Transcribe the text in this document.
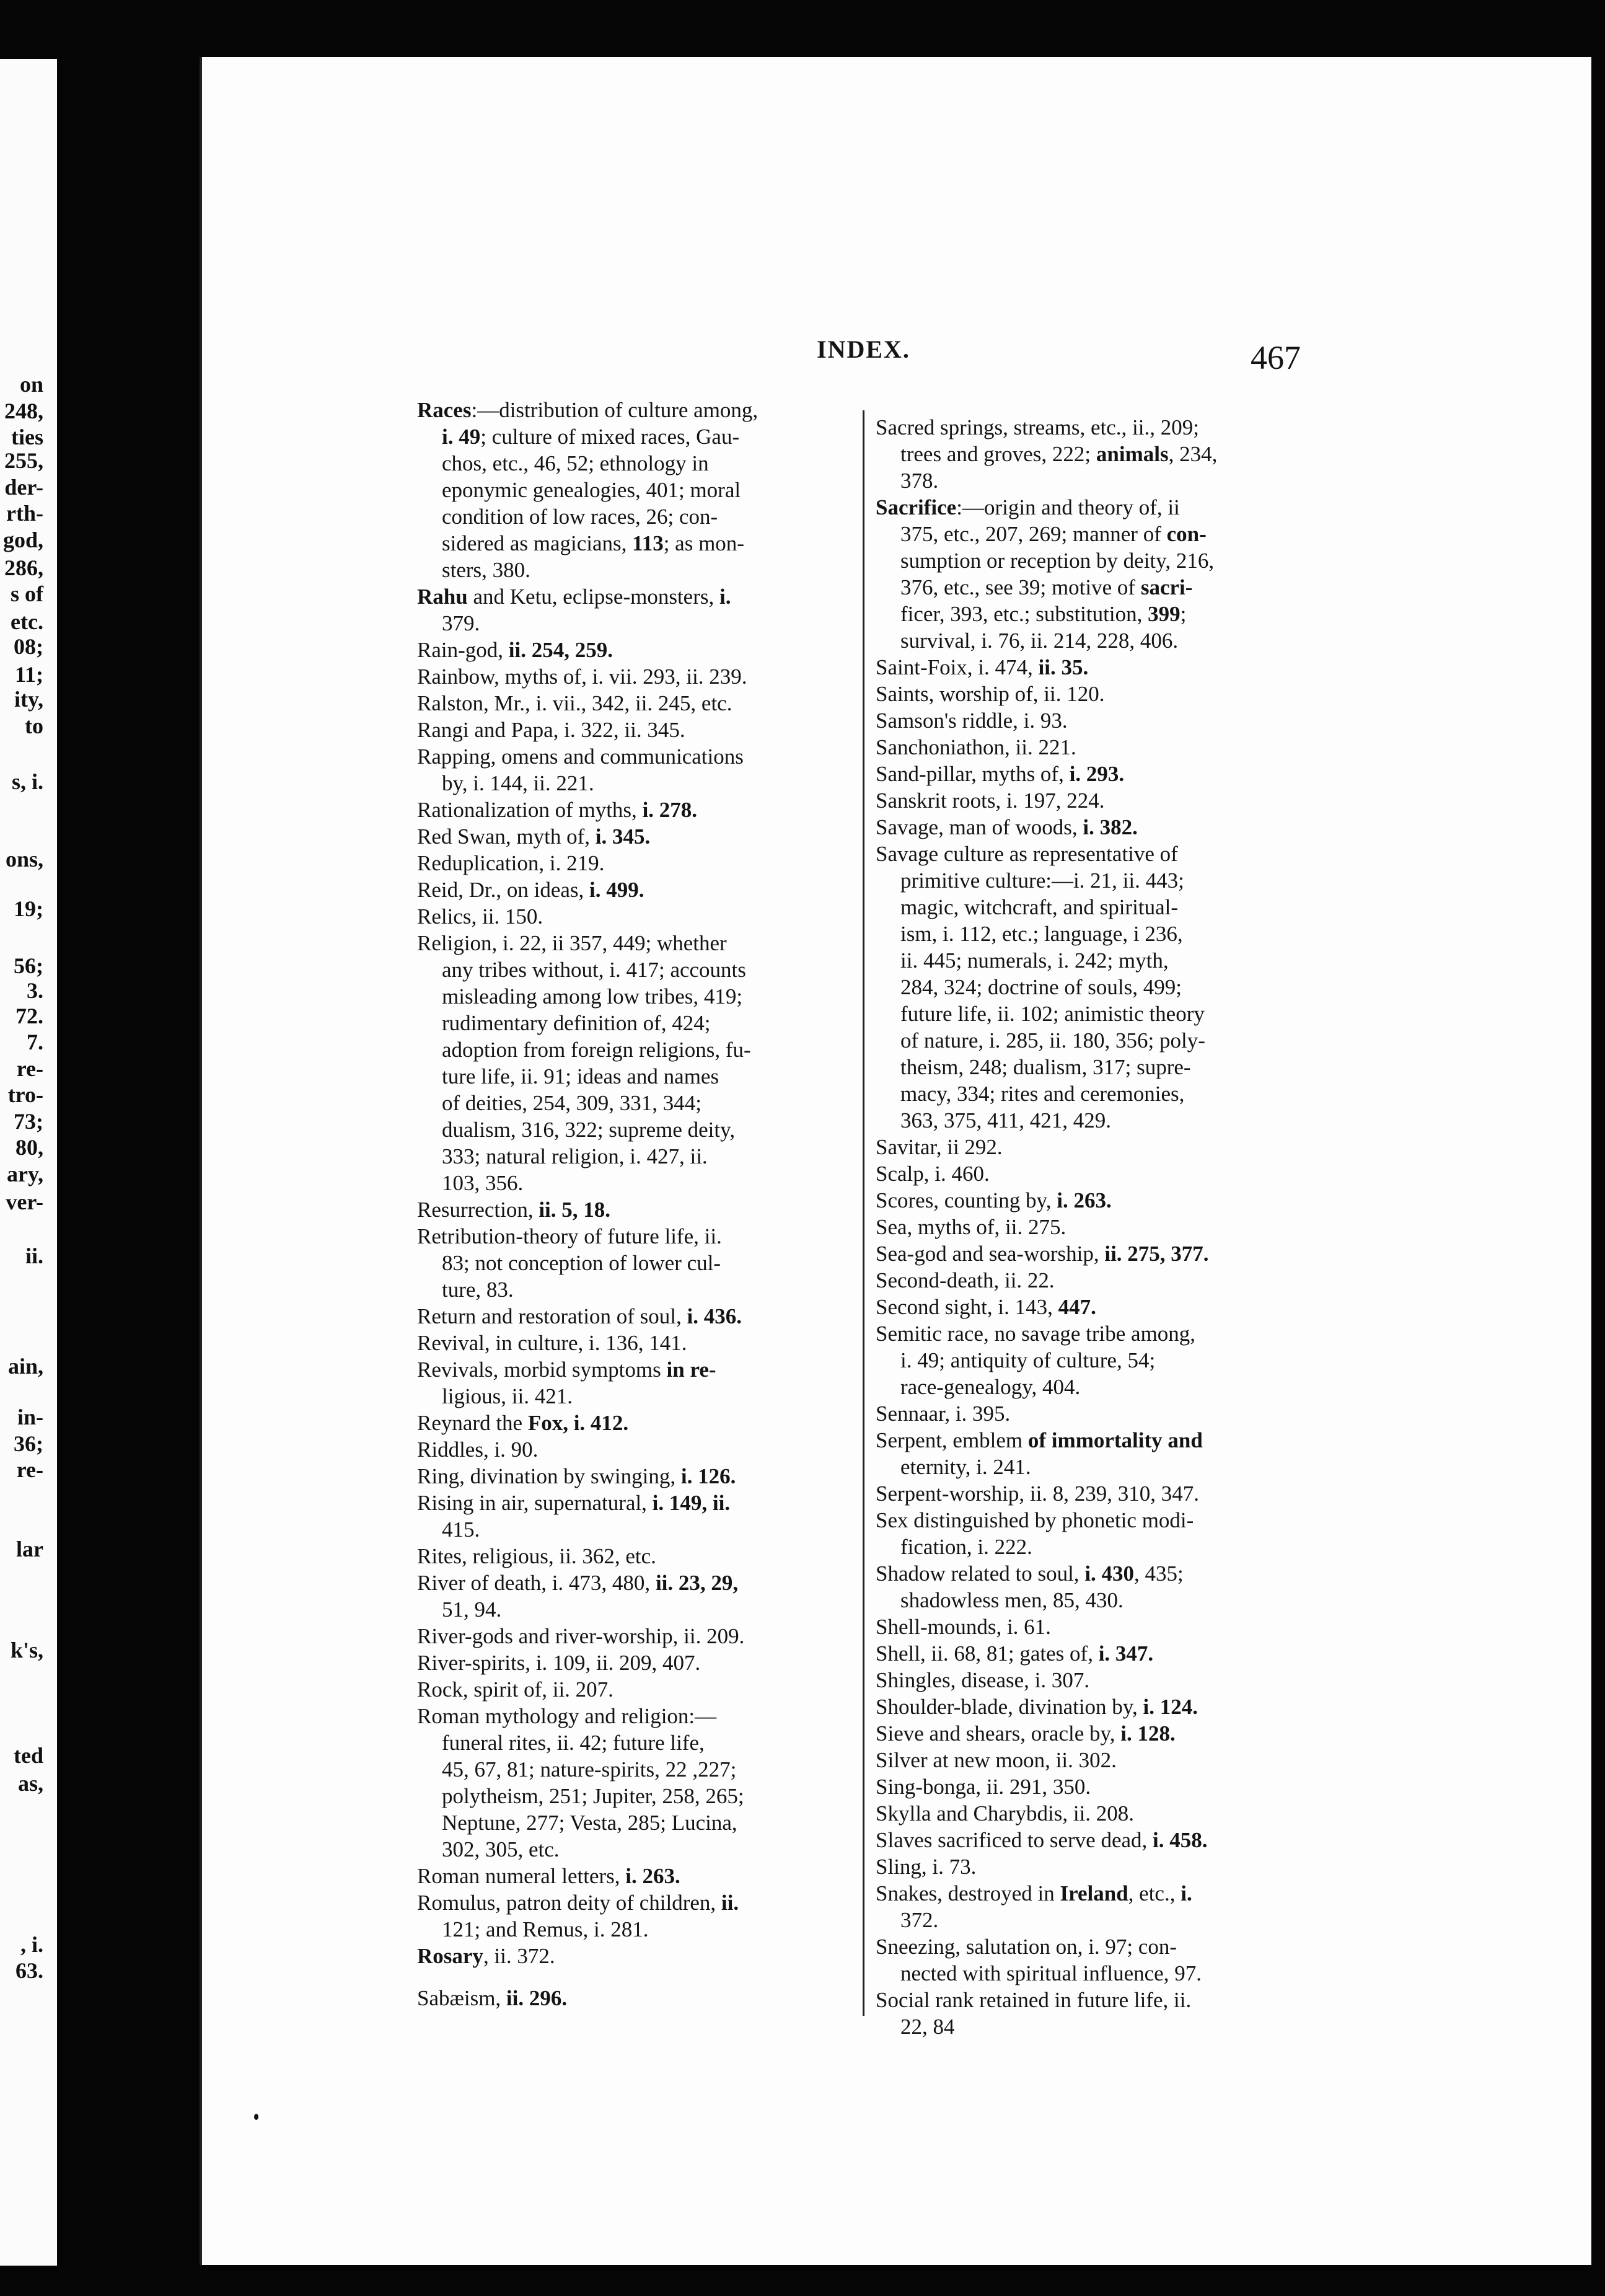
on
248,
ties
255,
der-
rth-
god,
286,
s of
etc.
08;
11;
ity,
to
s, i.
ons,
19;
56;
3.
72.
7.
re-
tro-
73;
80,
ary,
ver-
ii.
ain,
in-
36;
re-
lar
k's,
ted
as,
, i.
63.
INDEX.	467
Races:—distribution of culture among,
i. 49; culture of mixed races, Gau-
chos, etc., 46, 52; ethnology in
eponymic genealogies, 401; moral
condition of low races, 26; con-
sidered as magicians, 113; as mon-
sters, 380.
Rahu and Ketu, eclipse-monsters, i.
379.
Rain-god, ii. 254, 259.
Rainbow, myths of, i. vii. 293, ii. 239.
Ralston, Mr., i. vii., 342, ii. 245, etc.
Rangi and Papa, i. 322, ii. 345.
Rapping, omens and communications
by, i. 144, ii. 221.
Rationalization of myths, i. 278.
Red Swan, myth of, i. 345.
Reduplication, i. 219.
Reid, Dr., on ideas, i. 499.
Relics, ii. 150.
Religion, i. 22, ii 357, 449; whether
any tribes without, i. 417; accounts
misleading among low tribes, 419;
rudimentary definition of, 424;
adoption from foreign religions, fu-
ture life, ii. 91; ideas and names
of deities, 254, 309, 331, 344;
dualism, 316, 322; supreme deity,
333; natural religion, i. 427, ii.
103, 356.
Resurrection, ii. 5, 18.
Retribution-theory of future life, ii.
83; not conception of lower cul-
ture, 83.
Return and restoration of soul, i. 436.
Revival, in culture, i. 136, 141.
Revivals, morbid symptoms in re-
ligious, ii. 421.
Reynard the Fox, i. 412.
Riddles, i. 90.
Ring, divination by swinging, i. 126.
Rising in air, supernatural, i. 149, ii.
415.
Rites, religious, ii. 362, etc.
River of death, i. 473, 480, ii. 23, 29,
51, 94.
River-gods and river-worship, ii. 209.
River-spirits, i. 109, ii. 209, 407.
Rock, spirit of, ii. 207.
Roman mythology and religion:—
funeral rites, ii. 42; future life,
45, 67, 81; nature-spirits, 22 ,227;
polytheism, 251; Jupiter, 258, 265;
Neptune, 277; Vesta, 285; Lucina,
302, 305, etc.
Roman numeral letters, i. 263.
Romulus, patron deity of children, ii.
121; and Remus, i. 281.
Rosary, ii. 372.
Sabæism, ii. 296.
Sacred springs, streams, etc., ii., 209;
trees and groves, 222; animals, 234,
378.
Sacrifice:—origin and theory of, ii
375, etc., 207, 269; manner of con-
sumption or reception by deity, 216,
376, etc., see 39; motive of sacri-
ficer, 393, etc.; substitution, 399;
survival, i. 76, ii. 214, 228, 406.
Saint-Foix, i. 474, ii. 35.
Saints, worship of, ii. 120.
Samson's riddle, i. 93.
Sanchoniathon, ii. 221.
Sand-pillar, myths of, i. 293.
Sanskrit roots, i. 197, 224.
Savage, man of woods, i. 382.
Savage culture as representative of
primitive culture:—i. 21, ii. 443;
magic, witchcraft, and spiritual-
ism, i. 112, etc.; language, i 236,
ii. 445; numerals, i. 242; myth,
284, 324; doctrine of souls, 499;
future life, ii. 102; animistic theory
of nature, i. 285, ii. 180, 356; poly-
theism, 248; dualism, 317; supre-
macy, 334; rites and ceremonies,
363, 375, 411, 421, 429.
Savitar, ii 292.
Scalp, i. 460.
Scores, counting by, i. 263.
Sea, myths of, ii. 275.
Sea-god and sea-worship, ii. 275, 377.
Second-death, ii. 22.
Second sight, i. 143, 447.
Semitic race, no savage tribe among,
i. 49; antiquity of culture, 54;
race-genealogy, 404.
Sennaar, i. 395.
Serpent, emblem of immortality and
eternity, i. 241.
Serpent-worship, ii. 8, 239, 310, 347.
Sex distinguished by phonetic modi-
fication, i. 222.
Shadow related to soul, i. 430, 435;
shadowless men, 85, 430.
Shell-mounds, i. 61.
Shell, ii. 68, 81; gates of, i. 347.
Shingles, disease, i. 307.
Shoulder-blade, divination by, i. 124.
Sieve and shears, oracle by, i. 128.
Silver at new moon, ii. 302.
Sing-bonga, ii. 291, 350.
Skylla and Charybdis, ii. 208.
Slaves sacrificed to serve dead, i. 458.
Sling, i. 73.
Snakes, destroyed in Ireland, etc., i.
372.
Sneezing, salutation on, i. 97; con-
nected with spiritual influence, 97.
Social rank retained in future life, ii.
22, 84
